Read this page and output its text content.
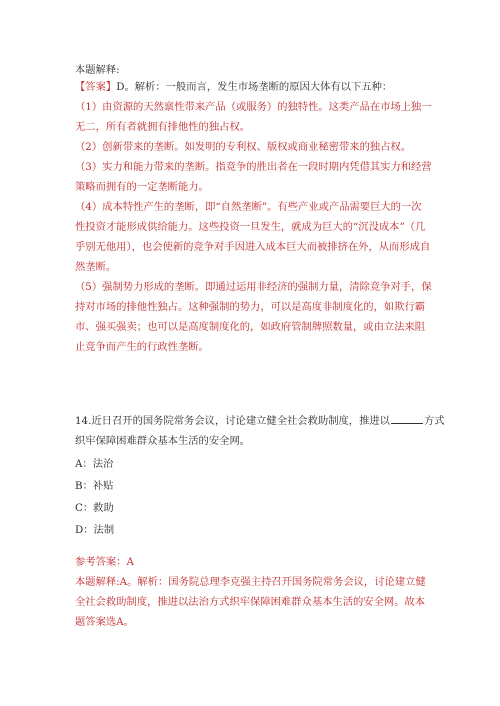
本题解释:
【答案】D。解析：一般而言，发生市场垄断的原因大体有以下五种：
（1）由资源的天然禀性带来产品（或服务）的独特性。这类产品在市场上独一
无二，所有者就拥有排他性的独占权。
（2）创新带来的垄断。如发明的专利权、版权或商业秘密带来的独占权。
（3）实力和能力带来的垄断。指竞争的胜出者在一段时期内凭借其实力和经营
策略而拥有的一定垄断能力。
（4）成本特性产生的垄断，即“自然垄断”。有些产业或产品需要巨大的一次
性投资才能形成供给能力。这些投资一旦发生，就成为巨大的“沉没成本”（几
乎别无他用），也会使新的竞争对手因进入成本巨大而被排挤在外，从而形成自
然垄断。
（5）强制势力形成的垄断。即通过运用非经济的强制力量，清除竞争对手，保
持对市场的排他性独占。这种强制的势力，可以是高度非制度化的，如欺行霸
市、强买强卖；也可以是高度制度化的，如政府管制牌照数量，或由立法来阻
止竞争而产生的行政性垄断。
14.近日召开的国务院常务会议，讨论建立健全社会救助制度，推进以	方式
织牢保障困难群众基本生活的安全网。
A：法治
B：补贴
C：救助
D：法制
参考答案：A
本题解释:A。解析：国务院总理李克强主持召开国务院常务会议，讨论建立健
全社会救助制度，推进以法治方式织牢保障困难群众基本生活的安全网。故本
题答案选A。
